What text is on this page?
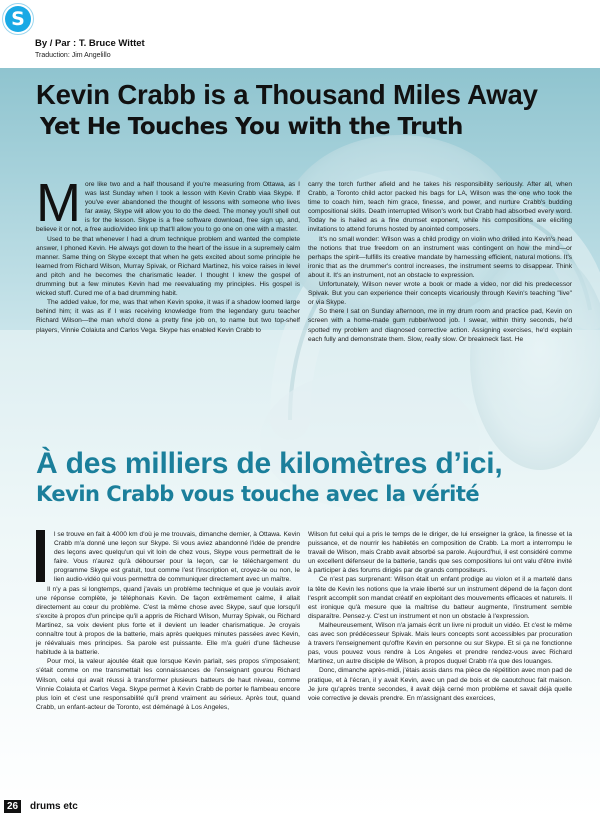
S
By / Par : T. Bruce Wittet
Traduction: Jim Angelillo
Kevin Crabb is a Thousand Miles Away
Yet He Touches You with the Truth
M ore like two and a half thousand if you're measuring from Ottawa, as I was last Sunday when I took a lesson with Kevin Crabb viaa Skype. If you've ever abandoned the thought of lessons with someone who lives far away, Skype will allow you to do the deed. The money you'll shell out is for the lesson. Skype is a free software download, free sign up, and, believe it or not, a free audio/video link up that'll allow you to go one on one with a master.

Used to be that whenever I had a drum technique problem and wanted the complete answer, I phoned Kevin. He always got down to the heart of the issue in a supremely calm manner. Same thing on Skype except that when he gets excited about some principle he learned from Richard Wilson, Murray Spivak, or Richard Martinez, his voice raises in level and pitch and he becomes the charismatic leader. I thought I knew the gospel of drumming but a few minutes Kevin had me reevaluating my principles. His gospel is wicked stuff. Cured me of a bad drumming habit.

The added value, for me, was that when Kevin spoke, it was if a shadow loomed large behind him; it was as if I was receiving knowledge from the legendary guru teacher Richard Wilson—the man who'd done a pretty fine job on, to name but two top-shelf players, Vinnie Colaiuta and Carlos Vega. Skype has enabled Kevin Crabb to

carry the torch further afield and he takes his responsibility seriously. After all, when Crabb, a Toronto child actor packed his bags for LA, Wilson was the one who took the time to coach him, teach him grace, finesse, and power, and nurture Crabb's budding compositional skills. Death interrupted Wilson's work but Crabb had absorbed every word. Today he is hailed as a fine drumset exponent, while his compositions are eliciting invitations to attend forums hosted by anointed composers.

It's no small wonder: Wilson was a child prodigy on violin who drilled into Kevin's head the notions that true freedom on an instrument was contingent on how the mind—or perhaps the spirit—fulfills its creative mandate by harnessing efficient, natural motions. It's ironic that as the drummer's control increases, the instrument seems to disappear. Think about it. It's an instrument, not an obstacle to expression.

Unfortunately, Wilson never wrote a book or made a video, nor did his predecessor Spivak. But you can experience their concepts vicariously through Kevin's teaching "live" or via Skype.

So there I sat on Sunday afternoon, me in my drum room and practice pad, Kevin on screen with a home-made gum rubber/wood job. I swear, within thirty seconds, he'd spotted my problem and diagnosed corrective action. Assigning exercises, he'd explain each fully and demonstrate them. Slow, really slow. Or breakneck fast. He

À des milliers de kilomètres d’ici,
Kevin Crabb vous touche avec la vérité

l se trouve en fait à 4000 km d'où je me trouvais, dimanche dernier, à Ottawa. Kevin Crabb m'a donné une leçon sur Skype. Si vous aviez abandonné l'idée de prendre des leçons avec quelqu'un qui vit loin de chez vous, Skype vous permettrait de le faire. Vous n'aurez qu'à débourser pour la leçon, car le téléchargement du programme Skype est gratuit, tout comme l'est l'inscription et, croyez-le ou non, le lien audio-vidéo qui vous permettra de communiquer directement avec un maître.

Il n'y a pas si longtemps, quand j'avais un problème technique et que je voulais avoir une réponse complète, je téléphonais Kevin. De façon extrêmement calme, il allait directement au cœur du problème. C'est la même chose avec Skype, sauf que lorsqu'il s'excite à propos d'un principe qu'il a appris de Richard Wilson, Murray Spivak, ou Richard Martinez, sa voix devient plus forte et il devient un leader charismatique. Je croyais connaître tout à propos de la batterie, mais après quelques minutes passées avec Kevin, je réévaluais mes principes. Sa parole est puissante. Elle m'a guéri d'une fâcheuse habitude à la batterie.

Pour moi, la valeur ajoutée était que lorsque Kevin parlait, ses propos s'imposaient; s'était comme on me transmettait les connaissances de l'enseignant gourou Richard Wilson, celui qui avait réussi à transformer plusieurs batteurs de haut niveau, comme Vinnie Colaiuta et Carlos Vega. Skype permet à Kevin Crabb de porter le flambeau encore plus loin et c'est une responsabilité qu'il prend vraiment au sérieux. Après tout, quand Crabb, un enfant-acteur de Toronto, est déménagé à Los Angeles,

Wilson fut celui qui a pris le temps de le diriger, de lui enseigner la grâce, la finesse et la puissance, et de nourrir les habiletés en composition de Crabb. La mort a interrompu le travail de Wilson, mais Crabb avait absorbé sa parole. Aujourd'hui, il est considéré comme un excellent défenseur de la batterie, tandis que ses compositions lui ont valu d'être invité à participer à des forums dirigés par de grands compositeurs.

Ce n'est pas surprenant: Wilson était un enfant prodige au violon et il a martelé dans la tête de Kevin les notions que la vraie liberté sur un instrument dépend de la façon dont l'esprit accomplit son mandat créatif en exploitant des mouvements efficaces et naturels. Il est ironique qu'à mesure que la maîtrise du batteur augmente, l'instrument semble disparaître. Pensez-y. C'est un instrument et non un obstacle à l'expression.

Malheureusement, Wilson n'a jamais écrit un livre ni produit un vidéo. Et c'est le même cas avec son prédécesseur Spivak. Mais leurs concepts sont accessibles par procuration à travers l'enseignement qu'offre Kevin en personne ou sur Skype. Et si ça ne fonctionne pas, vous pouvez vous rendre à Los Angeles et prendre rendez-vous avec Richard Martinez, un autre disciple de Wilson, à propos duquel Crabb n'a que des louanges.

Donc, dimanche après-midi, j'étais assis dans ma pièce de répétition avec mon pad de pratique, et à l'écran, il y avait Kevin, avec un pad de bois et de caoutchouc fait maison. Je jure qu'après trente secondes, il avait déjà cerné mon problème et savait déjà quelle voie corrective je devais prendre. En m'assignant des exercices,

26	drums etc
